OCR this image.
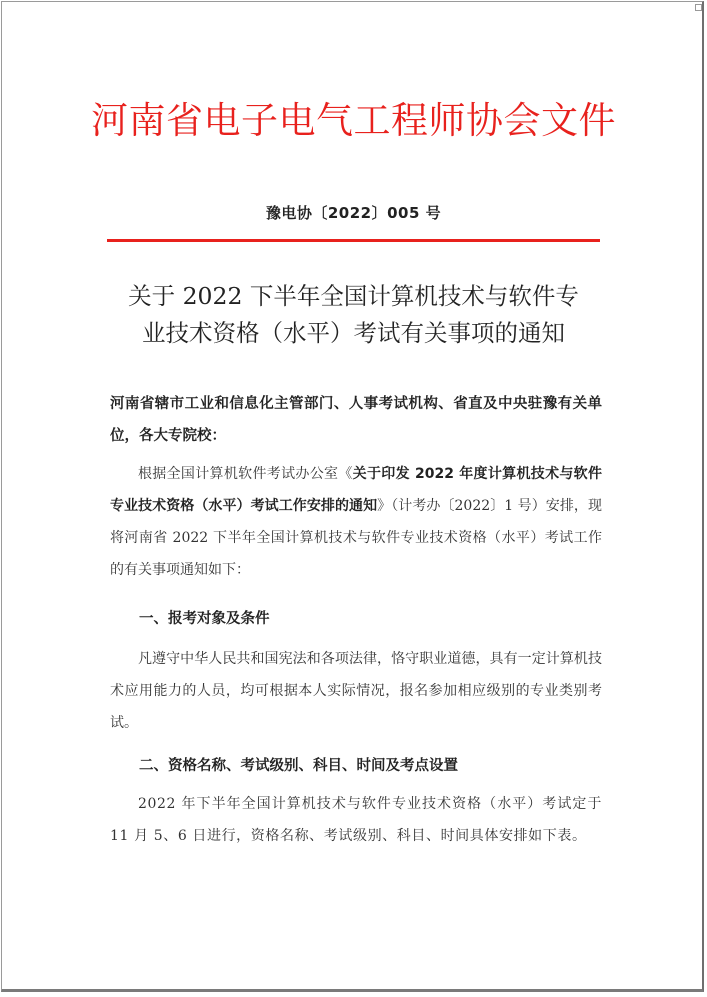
河南省电子电气工程师协会文件
豫电协〔2022〕005 号
关于 2022 下半年全国计算机技术与软件专
业技术资格（水平）考试有关事项的通知
河南省辖市工业和信息化主管部门、人事考试机构、省直及中央驻豫有关单位，各大专院校：
根据全国计算机软件考试办公室《关于印发 2022 年度计算机技术与软件专业技术资格（水平）考试工作安排的通知》（计考办〔2022〕1 号）安排，现将河南省 2022 下半年全国计算机技术与软件专业技术资格（水平）考试工作的有关事项通知如下：
一、报考对象及条件
凡遵守中华人民共和国宪法和各项法律，恪守职业道德，具有一定计算机技术应用能力的人员，均可根据本人实际情况，报名参加相应级别的专业类别考试。
二、资格名称、考试级别、科目、时间及考点设置
2022 年下半年全国计算机技术与软件专业技术资格（水平）考试定于 11 月 5、6 日进行，资格名称、考试级别、科目、时间具体安排如下表。
